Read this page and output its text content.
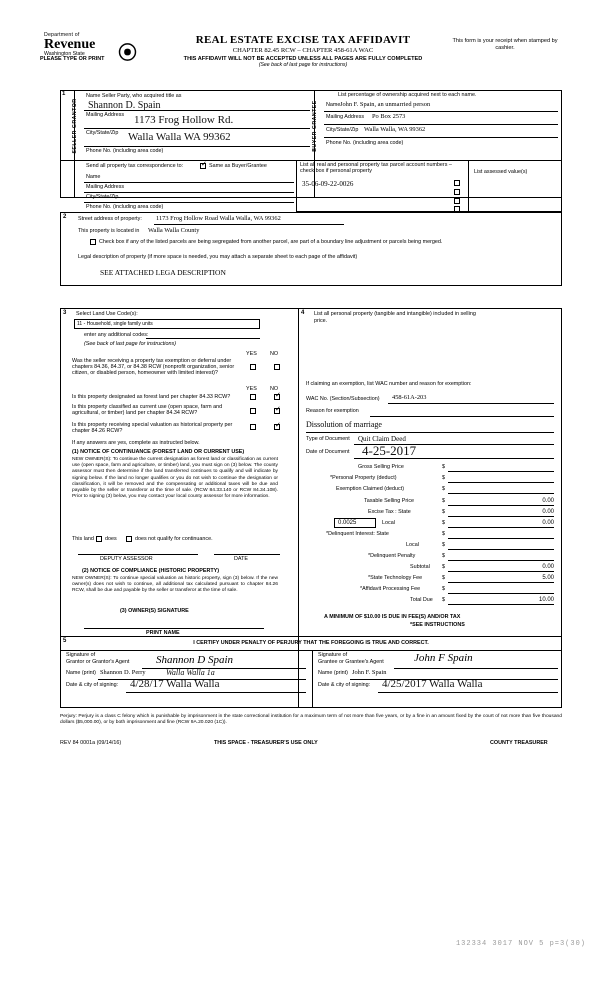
Department of
Revenue
Washington State	⦿
REAL ESTATE EXCISE TAX AFFIDAVIT
CHAPTER 82.45 RCW – CHAPTER 458-61A WAC
THIS AFFIDAVIT WILL NOT BE ACCEPTED UNLESS ALL PAGES ARE FULLY COMPLETED
(See back of last page for instructions)
This form is your receipt when stamped by cashier.
PLEASE TYPE OR PRINT
1
SELLER GRANTOR	BUYER GRANTEE
Name Seller Party, who acquired title as
Shannon D. Spain
Mailing Address 1173 Frog Hollow Rd.
City/State/Zip Walla Walla WA 99362
Phone No. (including area code)
List percentage of ownership acquired next to each name.
Name John F. Spain, an unmarried person
Mailing Address Po Box 2573
City/State/Zip Walla Walla, WA 99362
Phone No. (including area code)
Send all property tax correspondence to: ✓	Same as Buyer/Grantee
Name
Mailing Address
City/State/Zip
Phone No. (including area code)
List all real and personal property tax parcel account numbers – check box if personal property	List assessed value(s)
35-06-09-22-0026
2 Street address of property: 1173 Frog Hollow Road Walla Walla, WA 99362
This property is located in Walla Walla County
Check box if any of the listed parcels are being segregated from another parcel, are part of a boundary line adjustment or parcels being merged.
Legal description of property (if more space is needed, you may attach a separate sheet to each page of the affidavit)
SEE ATTACHED LEGA DESCRIPTION
3	4
Select Land Use Code(s):
11 - Household, single family units
enter any additional codes:
(See back of last page for instructions)
YES NO
Was the seller receiving a property tax exemption or deferral under chapters 84.36, 84.37, or 84.38 RCW (nonprofit organization, senior citizen, or disabled person, homeowner with limited interest)?
YES NO
Is this property designated as forest land per chapter 84.33 RCW?
✓
Is this property classified as current use (open space, farm and agricultural, or timber) land per chapter 84.34 RCW?
✓
Is this property receiving special valuation as historical property per chapter 84.26 RCW?
✓
If any answers are yes, complete as instructed below.
(1) NOTICE OF CONTINUANCE (FOREST LAND OR CURRENT USE)
NEW OWNER(S): To continue the current designation as forest land or classification as current use (open space, farm and agriculture, or timber) land, you must sign on (3) below. The county assessor must then determine if the land transferred continues to qualify and will indicate by signing below. If the land no longer qualifies or you do not wish to continue the designation or classification, it will be removed and the compensating or additional taxes will be due and payable by the seller or transferor at the time of sale. (RCW 84.33.140 or RCW 84.34.108). Prior to signing (3) below, you may contact your local county assessor for more information.
This land does	does not qualify for continuance.
DEPUTY ASSESSOR	DATE
(2) NOTICE OF COMPLIANCE (HISTORIC PROPERTY)
NEW OWNER(S): To continue special valuation as historic property, sign (3) below. If the new owner(s) does not wish to continue, all additional tax calculated pursuant to chapter 84.26 RCW, shall be due and payable by the seller or transferor at the time of sale.
(3) OWNER(S) SIGNATURE
PRINT NAME
List all personal property (tangible and intangible) included in selling price.
If claiming an exemption, list WAC number and reason for exemption:
WAC No. (Section/Subsection) 458-61A-203
Reason for exemption
Dissolution of marriage
Type of Document Quit Claim Deed
Date of Document 4-25-2017
Gross Selling Price	$
*Personal Property (deduct)	$
Exemption Claimed (deduct)	$
Taxable Selling Price	$	0.00
Excise Tax : State	$	0.00
0.0025	Local	$	0.00
*Delinquent Interest: State	$
Local	$
*Delinquent Penalty	$
Subtotal $	0.00
*State Technology Fee	$	5.00
*Affidavit Processing Fee	$
Total Due $	10.00
A MINIMUM OF $10.00 IS DUE IN FEE(S) AND/OR TAX
*SEE INSTRUCTIONS
5	I CERTIFY UNDER PENALTY OF PERJURY THAT THE FOREGOING IS TRUE AND CORRECT.
Signature of
Grantor or Grantor's Agent Shannon D Spain
Name (print) Shannon D. Perry	Walla Walla 1a
Date & city of signing: 4/28/17 Walla Walla
Signature of
Grantee or Grantee's Agent	John F Spain
Name (print) John F. Spain
Date & city of signing: 4/25/2017 Walla Walla
Perjury: Perjury is a class C felony which is punishable by imprisonment in the state correctional institution for a maximum term of not more than five years, or by a fine in an amount fixed by the court of not more than five thousand dollars ($5,000.00), or by both imprisonment and fine (RCW 9A.20.020 (1C)).
REV 84 0001a (09/14/16)	THIS SPACE - TREASURER'S USE ONLY	COUNTY TREASURER
132334 3017 NOV 5 p=3(30)
